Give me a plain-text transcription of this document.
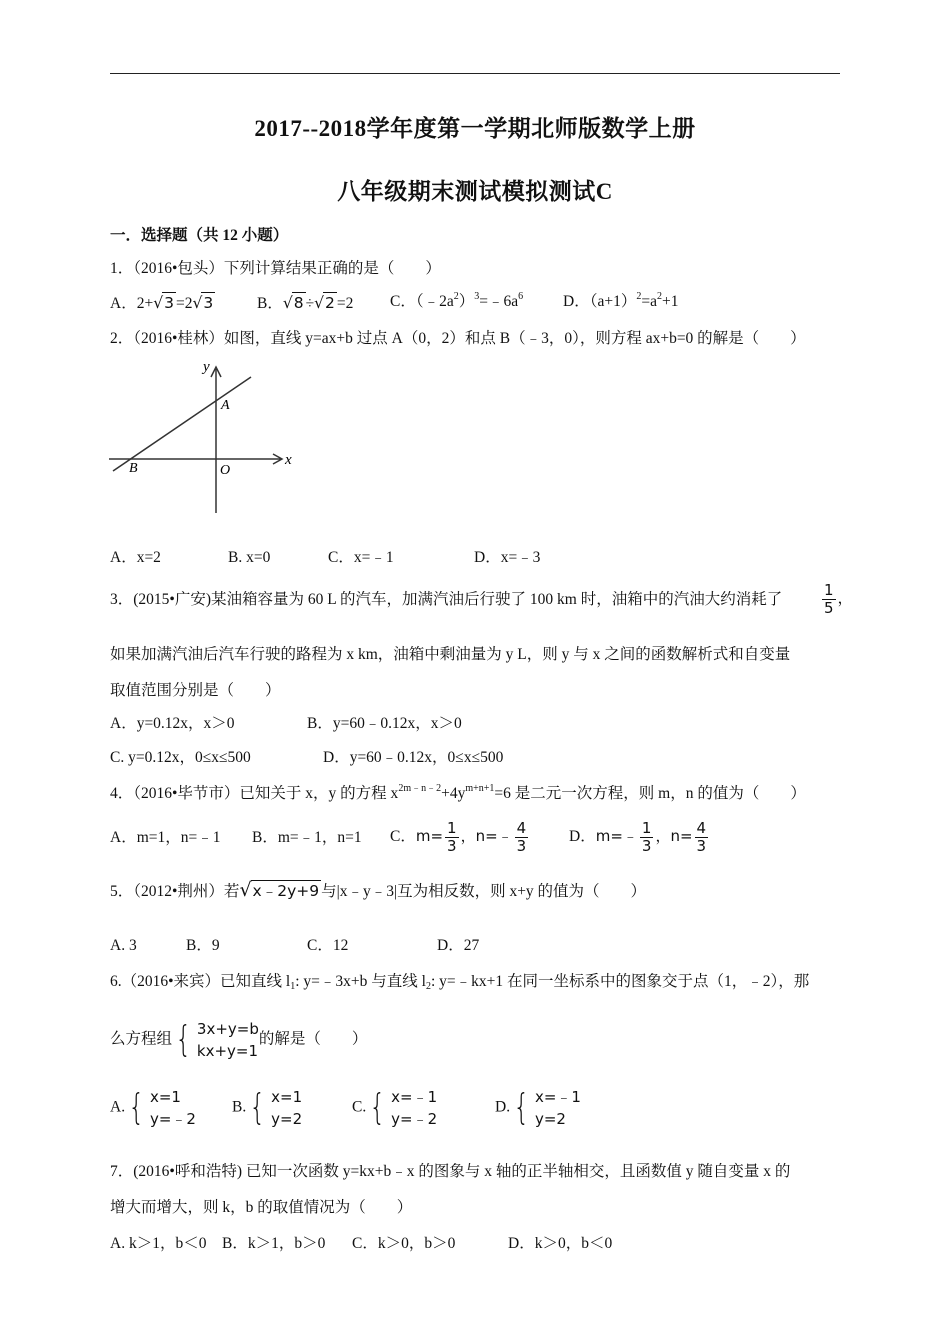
2017--2018学年度第一学期北师版数学上册
八年级期末测试模拟测试C
一．选择题（共 12 小题）
1．（2016•包头）下列计算结果正确的是（　　）
A．2+√3 =2√3	B．√8 ÷√2 =2 C．$(﹣2a^2)^3=﹣6a^6$	D．$(a+1)^2=a^2+1$
2．（2016•桂林）如图，直线 y=ax+b 过点 A（0，2）和点 B（﹣3，0），则方程 ax+b=0 的解是（　　）
x
y
A
B	O
A．x=2	B. x=0	C．x=﹣1	D．x=﹣3
3．(2015•广安)某油箱容量为 60 L 的汽车，加满汽油后行驶了 100 km 时，油箱中的汽油大约消耗了	$\frac{1}{5}$ ，
如果加满汽油后汽车行驶的路程为 x km，油箱中剩油量为 y L，则 y 与 x 之间的函数解析式和自变量
取值范围分别是（　　）
A．y=0.12x，x＞0	B．y=60﹣0.12x，x＞0
C. y=0.12x，0≤x≤500	D．y=60﹣0.12x，0≤x≤500
4．（2016•毕节市）已知关于 x，y 的方程 $x^{2m﹣n﹣2}+4y^{m+n+1}=6$ 是二元一次方程，则 m，n 的值为（　　）
A．m=1，n=﹣1 B．m=﹣1，n=1 C．$m= \frac{1}{3}$ ，n=﹣ $\frac{4}{3}$	D．m=﹣ $\frac{1}{3}$ ，$n= \frac{4}{3}$
5．（2012•荆州）若√x﹣2y+9 与|x﹣y﹣3|互为相反数，则 x+y 的值为（　　）
A. 3	B．9	C．12	D．27
6.（2016•来宾）已知直线 $l_1$: y=﹣3x+b 与直线 $l_2$: y=﹣kx+1 在同一坐标系中的图象交于点（1，﹣2），那
么方程组 { 3x+y=b
kx+y=1
的解是（　　）
A. { x=1
y=﹣2
B. { x=1
y=2
C. { x=﹣1
y=﹣2
D. { x=﹣1
y=2
7．(2016•呼和浩特) 已知一次函数 y=kx+b﹣x 的图象与 x 轴的正半轴相交，且函数值 y 随自变量 x 的
增大而增大，则 k，b 的取值情况为（　　）
A. k＞1，b＜0 B．k＞1，b＞0 C．k＞0，b＞0	D．k＞0，b＜0
